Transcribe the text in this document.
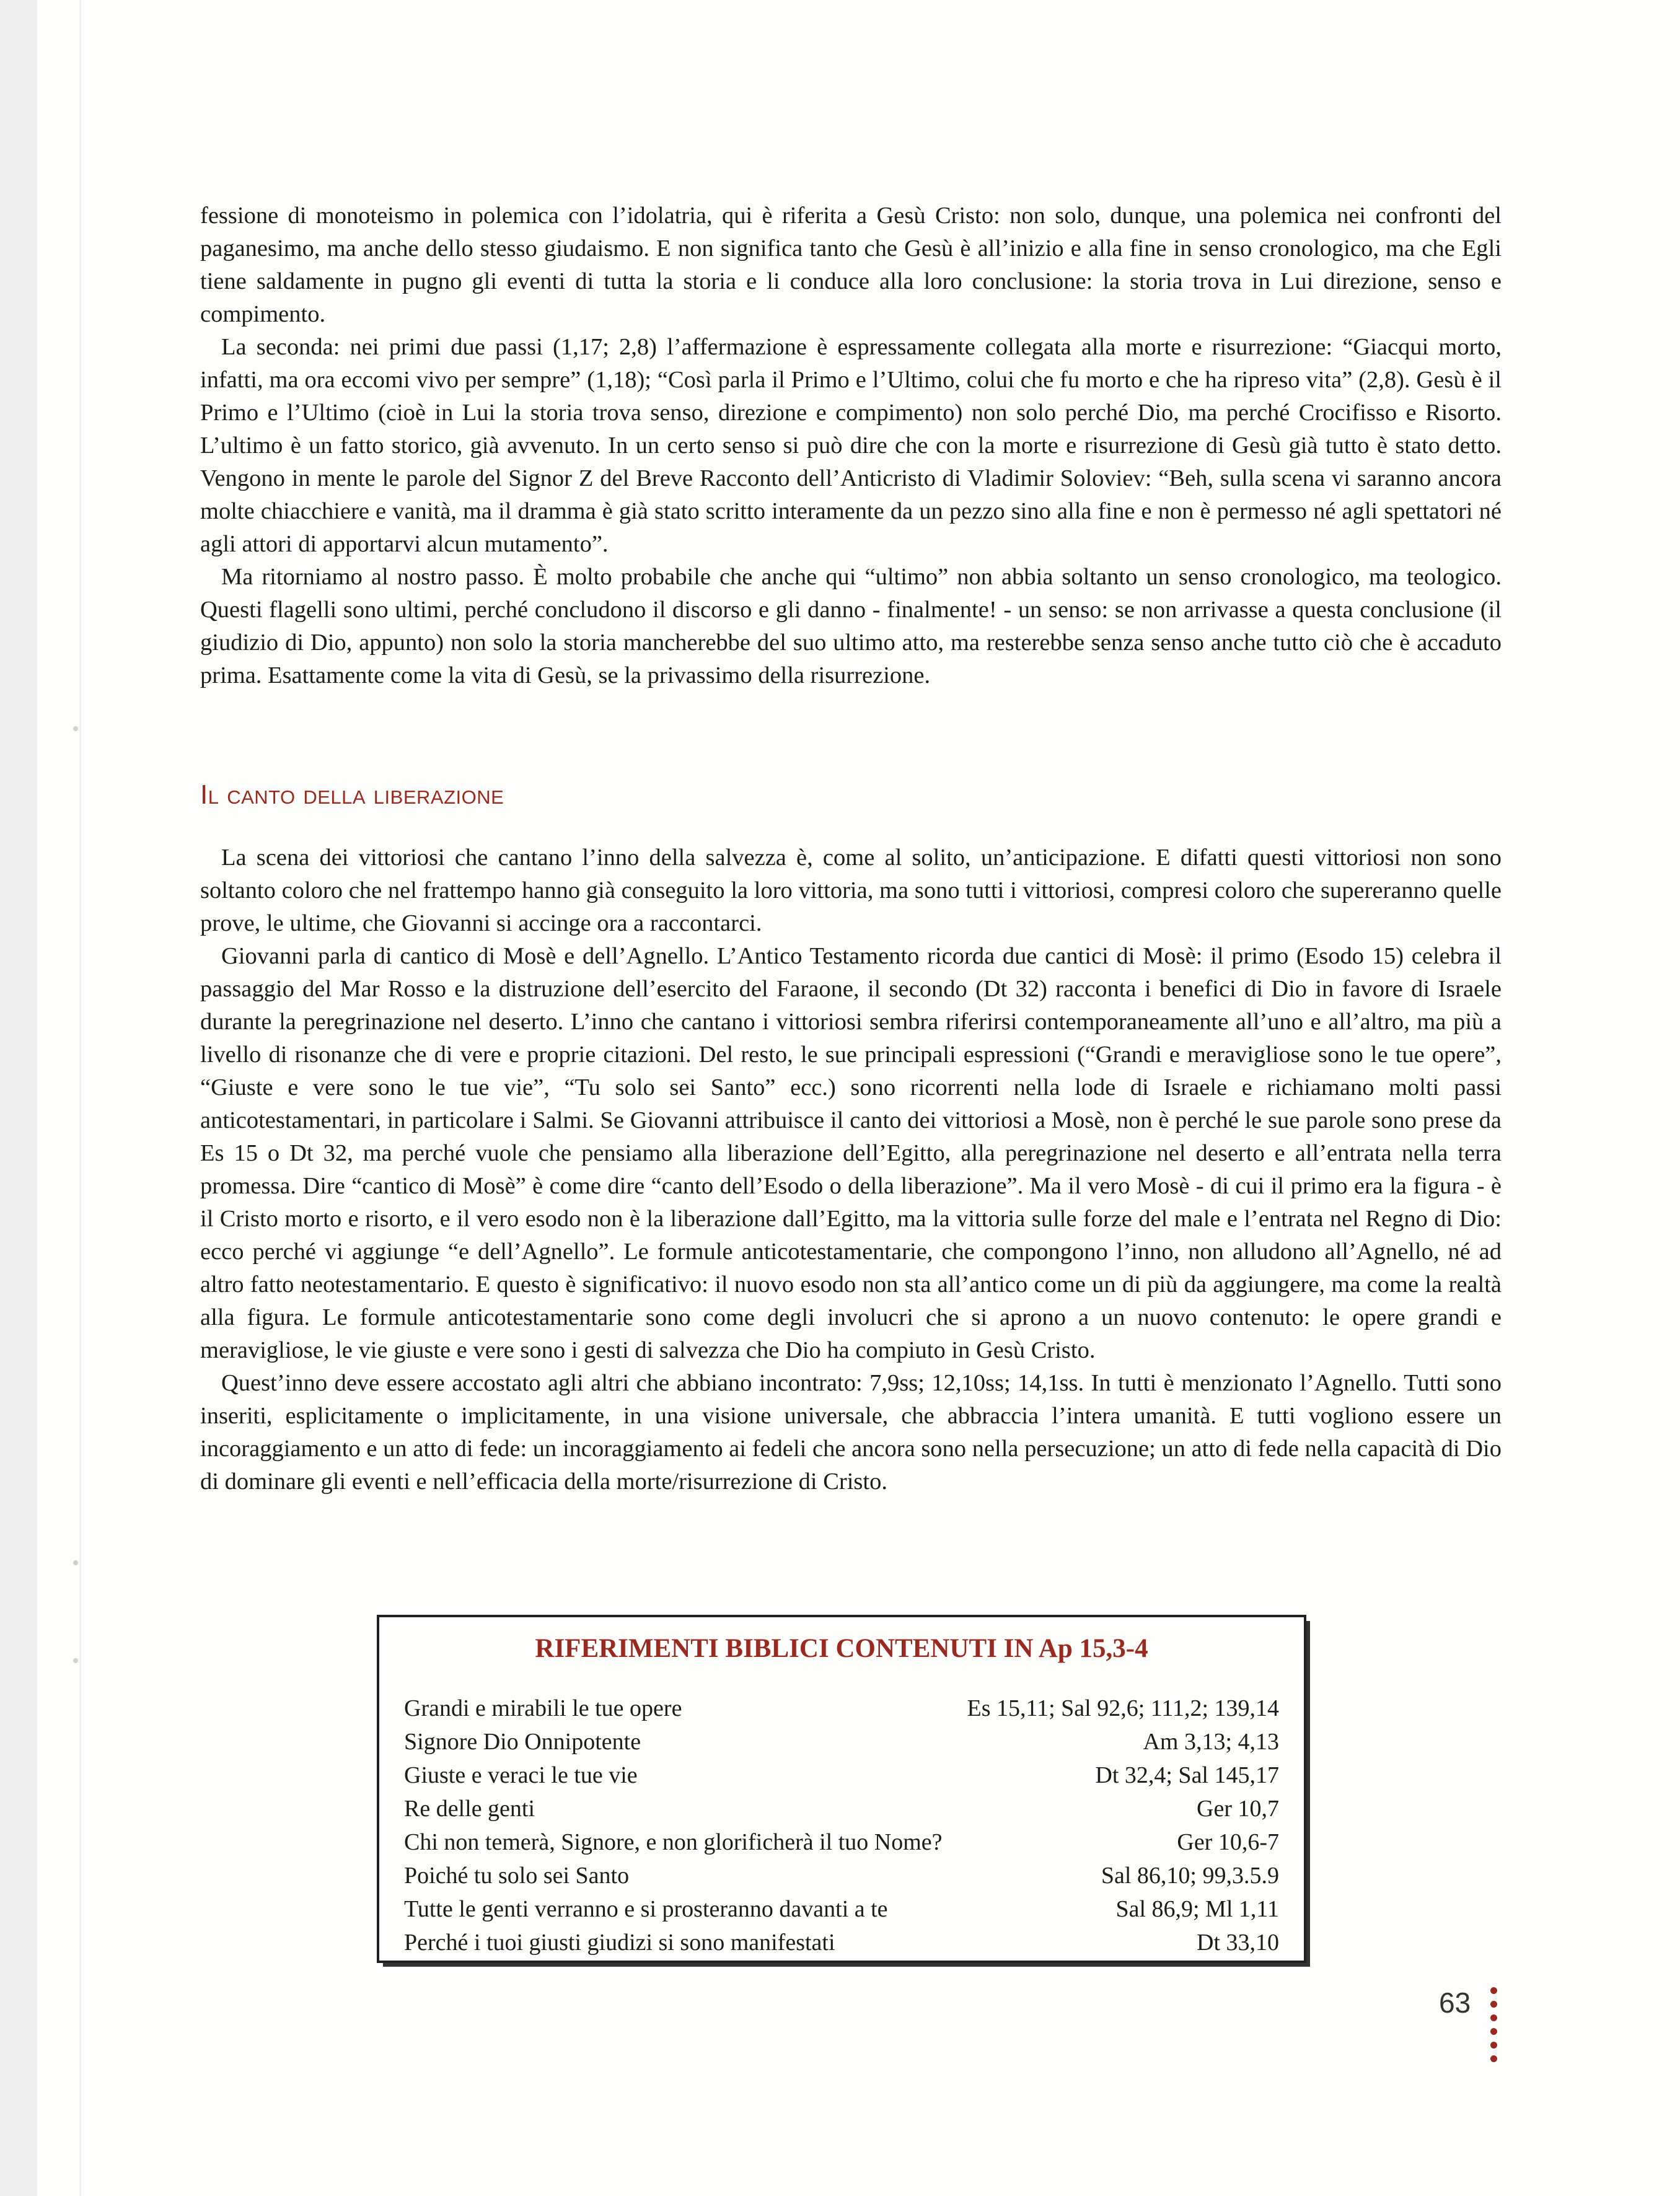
fessione di monoteismo in polemica con l’idolatria, qui è riferita a Gesù Cristo: non solo, dunque, una polemica nei confronti del paganesimo, ma anche dello stesso giudaismo. E non significa tanto che Gesù è all’inizio e alla fine in senso cronologico, ma che Egli tiene saldamente in pugno gli eventi di tutta la storia e li conduce alla loro conclusione: la storia trova in Lui direzione, senso e compimento.

La seconda: nei primi due passi (1,17; 2,8) l’affermazione è espressamente collegata alla morte e risurrezione: “Giacqui morto, infatti, ma ora eccomi vivo per sempre” (1,18); “Così parla il Primo e l’Ultimo, colui che fu morto e che ha ripreso vita” (2,8). Gesù è il Primo e l’Ultimo (cioè in Lui la storia trova senso, direzione e compimento) non solo perché Dio, ma perché Crocifisso e Risorto. L’ultimo è un fatto storico, già avvenuto. In un certo senso si può dire che con la morte e risurrezione di Gesù già tutto è stato detto. Vengono in mente le parole del Signor Z del Breve Racconto dell’Anticristo di Vladimir Soloviev: “Beh, sulla scena vi saranno ancora molte chiacchiere e vanità, ma il dramma è già stato scritto interamente da un pezzo sino alla fine e non è permesso né agli spettatori né agli attori di apportarvi alcun mutamento”.

Ma ritorniamo al nostro passo. È molto probabile che anche qui “ultimo” non abbia soltanto un senso cronologico, ma teologico. Questi flagelli sono ultimi, perché concludono il discorso e gli danno - finalmente! - un senso: se non arrivasse a questa conclusione (il giudizio di Dio, appunto) non solo la storia mancherebbe del suo ultimo atto, ma resterebbe senza senso anche tutto ciò che è accaduto prima. Esattamente come la vita di Gesù, se la privassimo della risurrezione.

Il canto della liberazione

La scena dei vittoriosi che cantano l’inno della salvezza è, come al solito, un’anticipazione. E difatti questi vittoriosi non sono soltanto coloro che nel frattempo hanno già conseguito la loro vittoria, ma sono tutti i vittoriosi, compresi coloro che supereranno quelle prove, le ultime, che Giovanni si accinge ora a raccontarci.

Giovanni parla di cantico di Mosè e dell’Agnello. L’Antico Testamento ricorda due cantici di Mosè: il primo (Esodo 15) celebra il passaggio del Mar Rosso e la distruzione dell’esercito del Faraone, il secondo (Dt 32) racconta i benefici di Dio in favore di Israele durante la peregrinazione nel deserto. L’inno che cantano i vittoriosi sembra riferirsi contemporaneamente all’uno e all’altro, ma più a livello di risonanze che di vere e proprie citazioni. Del resto, le sue principali espressioni (“Grandi e meravigliose sono le tue opere”, “Giuste e vere sono le tue vie”, “Tu solo sei Santo” ecc.) sono ricorrenti nella lode di Israele e richiamano molti passi anticotestamentari, in particolare i Salmi. Se Giovanni attribuisce il canto dei vittoriosi a Mosè, non è perché le sue parole sono prese da Es 15 o Dt 32, ma perché vuole che pensiamo alla liberazione dell’Egitto, alla peregrinazione nel deserto e all’entrata nella terra promessa. Dire “cantico di Mosè” è come dire “canto dell’Esodo o della liberazione”. Ma il vero Mosè - di cui il primo era la figura - è il Cristo morto e risorto, e il vero esodo non è la liberazione dall’Egitto, ma la vittoria sulle forze del male e l’entrata nel Regno di Dio: ecco perché vi aggiunge “e dell’Agnello”. Le formule anticotestamentarie, che compongono l’inno, non alludono all’Agnello, né ad altro fatto neotestamentario. E questo è significativo: il nuovo esodo non sta all’antico come un di più da aggiungere, ma come la realtà alla figura. Le formule anticotestamentarie sono come degli involucri che si aprono a un nuovo contenuto: le opere grandi e meravigliose, le vie giuste e vere sono i gesti di salvezza che Dio ha compiuto in Gesù Cristo.

Quest’inno deve essere accostato agli altri che abbiano incontrato: 7,9ss; 12,10ss; 14,1ss. In tutti è menzionato l’Agnello. Tutti sono inseriti, esplicitamente o implicitamente, in una visione universale, che abbraccia l’intera umanità. E tutti vogliono essere un incoraggiamento e un atto di fede: un incoraggiamento ai fedeli che ancora sono nella persecuzione; un atto di fede nella capacità di Dio di dominare gli eventi e nell’efficacia della morte/risurrezione di Cristo.

RIFERIMENTI BIBLICI CONTENUTI IN Ap 15,3-4
Grandi e mirabili le tue opere	Es 15,11; Sal 92,6; 111,2; 139,14
Signore Dio Onnipotente	Am 3,13; 4,13
Giuste e veraci le tue vie	Dt 32,4; Sal 145,17
Re delle genti	Ger 10,7
Chi non temerà, Signore, e non glorificherà il tuo Nome?	Ger 10,6-7
Poiché tu solo sei Santo	Sal 86,10; 99,3.5.9
Tutte le genti verranno e si prosteranno davanti a te	Sal 86,9; Ml 1,11
Perché i tuoi giusti giudizi si sono manifestati	Dt 33,10
63
